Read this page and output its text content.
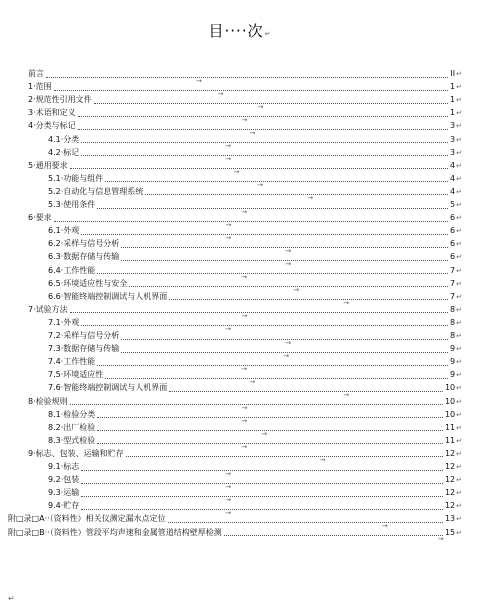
目····次↵
前言
→
II ↵
1·范围
→
1 ↵
2·规范性引用文件
→
1 ↵
3·术语和定义
→
1 ↵
4·分类与标记
→
3 ↵
4.1·分类
→
3 ↵
4.2·标记
→
3 ↵
5·通用要求
→
4 ↵
5.1·功能与组件
→
4 ↵
5.2·自动化与信息管理系统
→
4 ↵
5.3·使用条件
→
5 ↵
6·要求
→
6 ↵
6.1·外观
→
6 ↵
6.2·采样与信号分析
→
6 ↵
6.3·数据存储与传输
→
6 ↵
6.4·工作性能
→
7 ↵
6.5·环境适应性与安全
→
7 ↵
6.6·智能终端控制调试与人机界面
→
7 ↵
7·试验方法
→
8 ↵
7.1·外观
→
8 ↵
7.2·采样与信号分析
→
8 ↵
7.3·数据存储与传输
→
9 ↵
7.4·工作性能
→
9 ↵
7.5·环境适应性
→
9 ↵
7.6·智能终端控制调试与人机界面
→
10 ↵
8·检验规则
→
10 ↵
8.1·检验分类
→
10 ↵
8.2·出厂检验
→
11 ↵
8.3·型式检验
→
11 ↵
9·标志、包装、运输和贮存
→
12 ↵
9.1·标志
→
12 ↵
9.2·包装
→
12 ↵
9.3·运输
→
12 ↵
9.4·贮存
→
12 ↵
附□录□A··（资料性）相关仪测定漏水点定位
→
13 ↵
附□录□B··（资料性）管段平均声速和金属管道结构壁厚检测
→
15 ↵
↵
